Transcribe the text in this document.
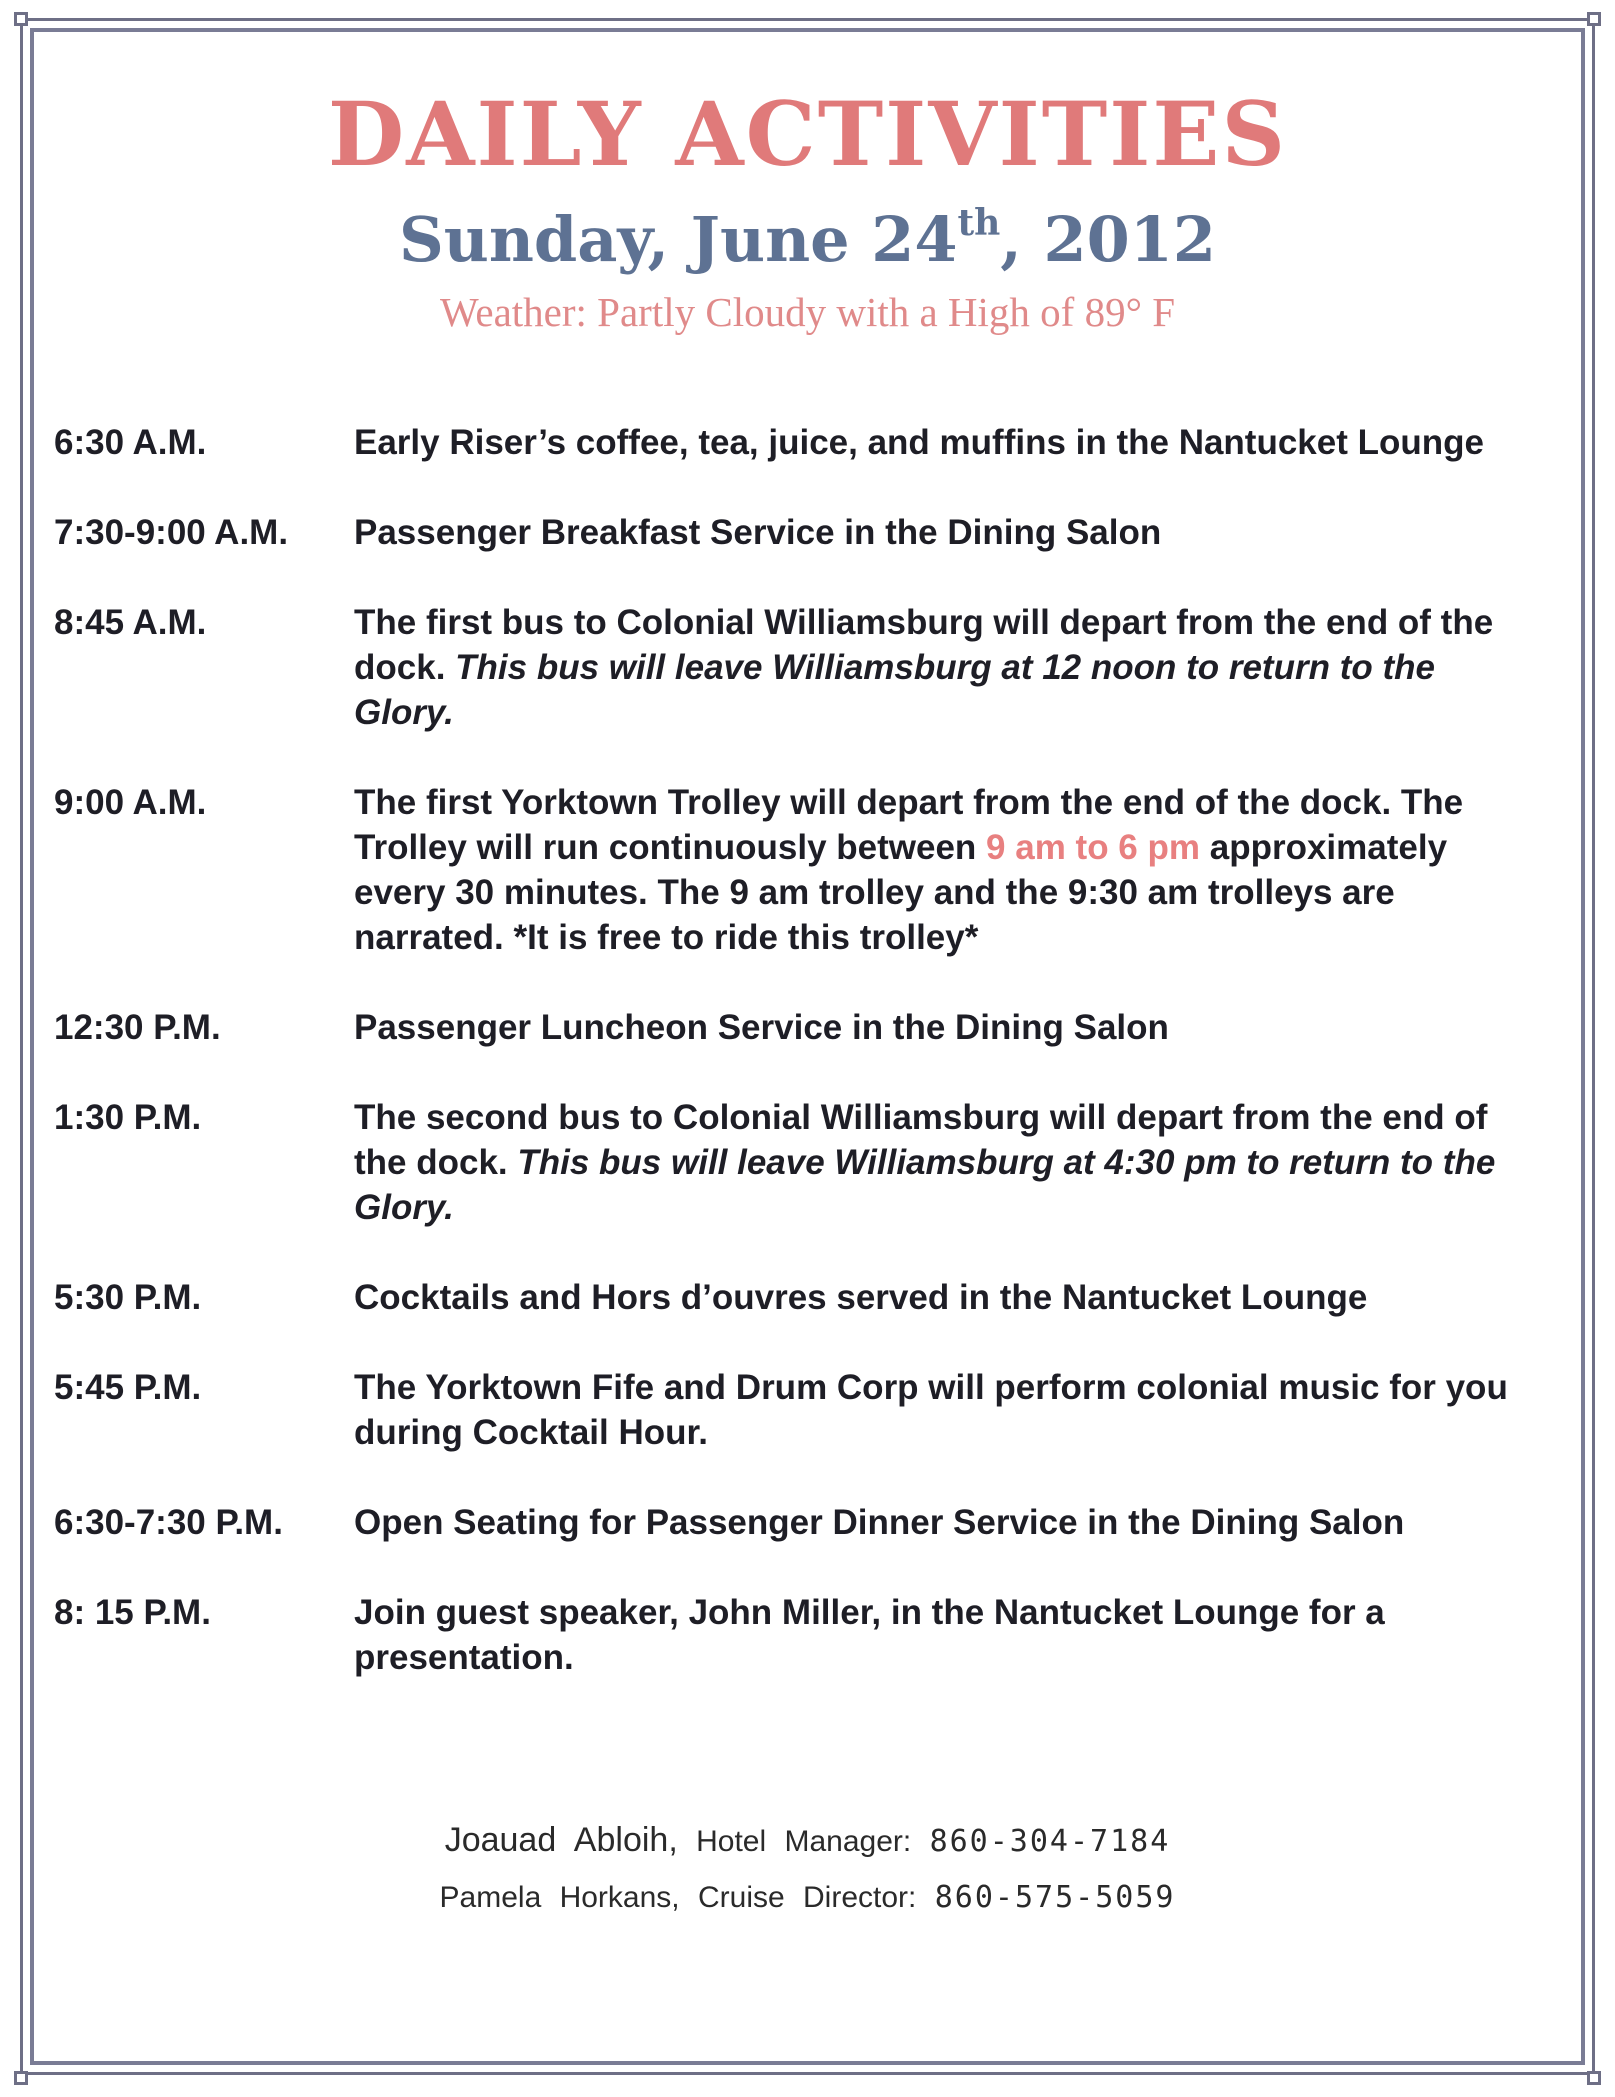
DAILY ACTIVITIES
Sunday, June 24th, 2012
Weather: Partly Cloudy with a High of 89° F
6:30 A.M.	Early Riser’s coffee, tea, juice, and muffins in the Nantucket Lounge
7:30-9:00 A.M.	Passenger Breakfast Service in the Dining Salon
8:45 A.M.	The first bus to Colonial Williamsburg will depart from the end of the dock. This bus will leave Williamsburg at 12 noon to return to the Glory.
9:00 A.M.	The first Yorktown Trolley will depart from the end of the dock. The Trolley will run continuously between 9 am to 6 pm approximately every 30 minutes. The 9 am trolley and the 9:30 am trolleys are narrated. *It is free to ride this trolley*
12:30 P.M.	Passenger Luncheon Service in the Dining Salon
1:30 P.M.	The second bus to Colonial Williamsburg will depart from the end of the dock. This bus will leave Williamsburg at 4:30 pm to return to the Glory.
5:30 P.M.	Cocktails and Hors d’ouvres served in the Nantucket Lounge
5:45 P.M.	The Yorktown Fife and Drum Corp will perform colonial music for you during Cocktail Hour.
6:30-7:30 P.M.	Open Seating for Passenger Dinner Service in the Dining Salon
8: 15 P.M.	Join guest speaker, John Miller, in the Nantucket Lounge for a presentation.
Joauad Abloih, Hotel Manager: 860-304-7184
Pamela Horkans, Cruise Director: 860-575-5059
